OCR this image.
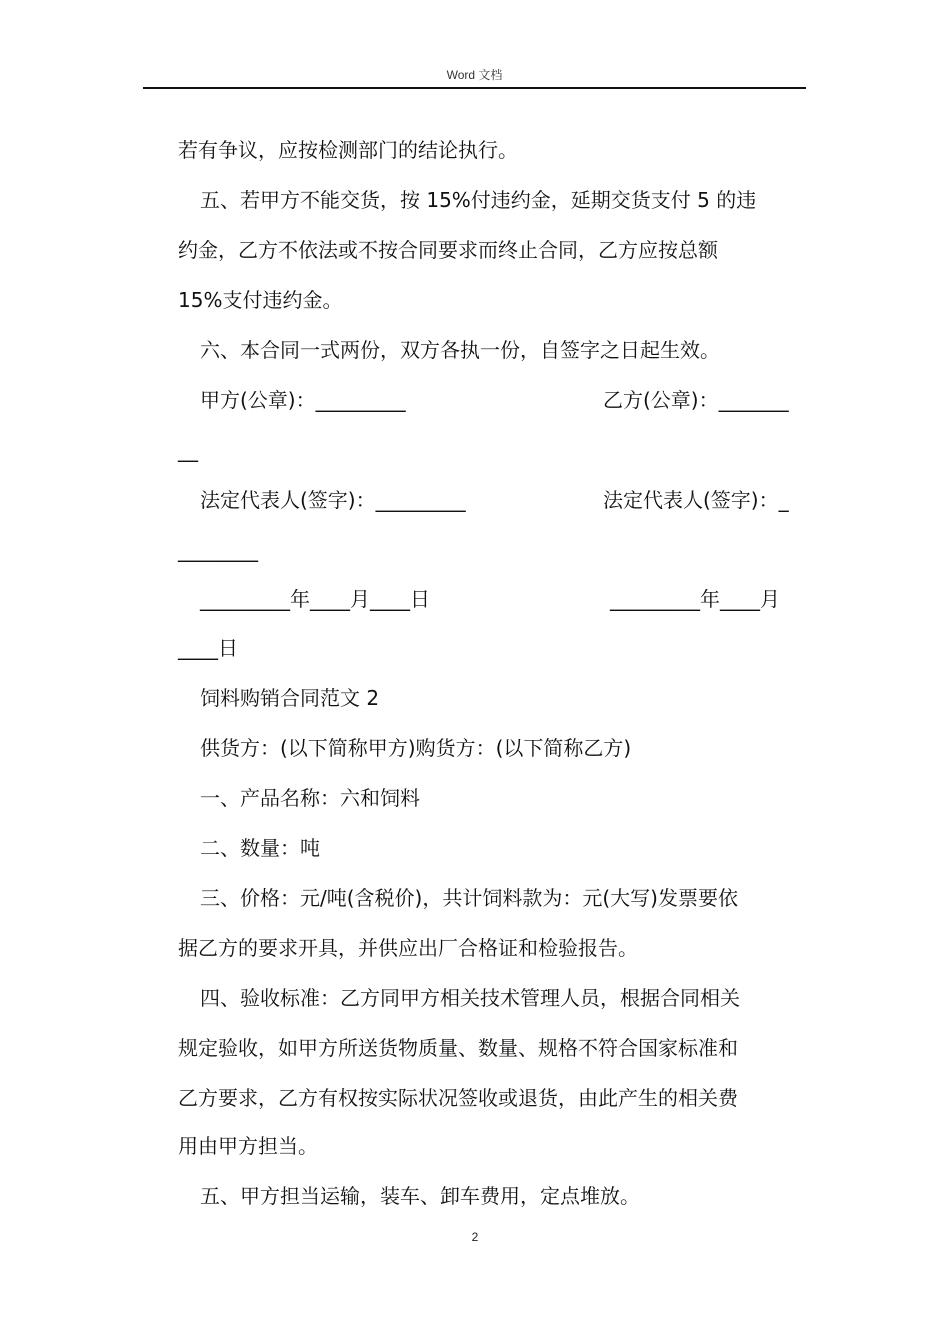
Word 文档
若有争议，应按检测部门的结论执行。
五、若甲方不能交货，按 15%付违约金，延期交货支付 5 的违
约金，乙方不依法或不按合同要求而终止合同，乙方应按总额
15%支付违约金。
六、本合同一式两份，双方各执一份，自签字之日起生效。
甲方(公章)：_________	乙方(公章)：_______
__
法定代表人(签字)：_________	法定代表人(签字)：_
________
_________年____月____日	_________年____月
____日
饲料购销合同范文 2
供货方：(以下简称甲方)购货方：(以下简称乙方)
一、产品名称：六和饲料
二、数量：吨
三、价格：元/吨(含税价)，共计饲料款为：元(大写)发票要依
据乙方的要求开具，并供应出厂合格证和检验报告。
四、验收标准：乙方同甲方相关技术管理人员，根据合同相关
规定验收，如甲方所送货物质量、数量、规格不符合国家标准和
乙方要求，乙方有权按实际状况签收或退货，由此产生的相关费
用由甲方担当。
五、甲方担当运输，装车、卸车费用，定点堆放。
2
